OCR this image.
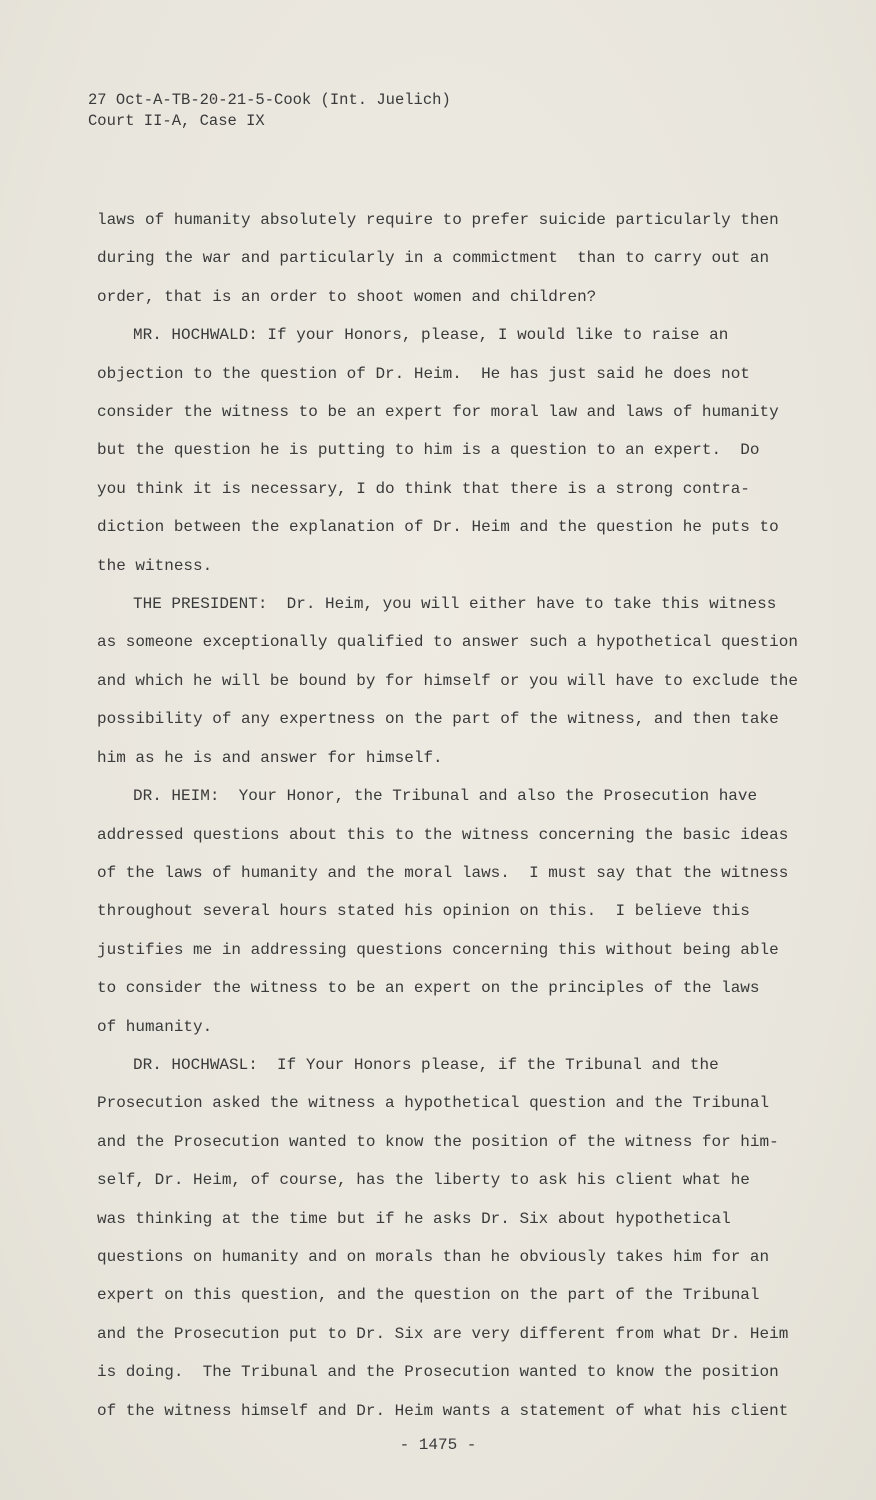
27 Oct-A-TB-20-21-5-Cook (Int. Juelich)
Court II-A, Case IX
laws of humanity absolutely require to prefer suicide particularly then
during the war and particularly in a commictment  than to carry out an
order, that is an order to shoot women and children?
MR. HOCHWALD: If your Honors, please, I would like to raise an
objection to the question of Dr. Heim.  He has just said he does not
consider the witness to be an expert for moral law and laws of humanity
but the question he is putting to him is a question to an expert.  Do
you think it is necessary, I do think that there is a strong contra-
diction between the explanation of Dr. Heim and the question he puts to
the witness.
THE PRESIDENT:  Dr. Heim, you will either have to take this witness
as someone exceptionally qualified to answer such a hypothetical question
and which he will be bound by for himself or you will have to exclude the
possibility of any expertness on the part of the witness, and then take
him as he is and answer for himself.
DR. HEIM:  Your Honor, the Tribunal and also the Prosecution have
addressed questions about this to the witness concerning the basic ideas
of the laws of humanity and the moral laws.  I must say that the witness
throughout several hours stated his opinion on this.  I believe this
justifies me in addressing questions concerning this without being able
to consider the witness to be an expert on the principles of the laws
of humanity.
DR. HOCHWASL:  If Your Honors please, if the Tribunal and the
Prosecution asked the witness a hypothetical question and the Tribunal
and the Prosecution wanted to know the position of the witness for him-
self, Dr. Heim, of course, has the liberty to ask his client what he
was thinking at the time but if he asks Dr. Six about hypothetical
questions on humanity and on morals than he obviously takes him for an
expert on this question, and the question on the part of the Tribunal
and the Prosecution put to Dr. Six are very different from what Dr. Heim
is doing.  The Tribunal and the Prosecution wanted to know the position
of the witness himself and Dr. Heim wants a statement of what his client
- 1475 -
